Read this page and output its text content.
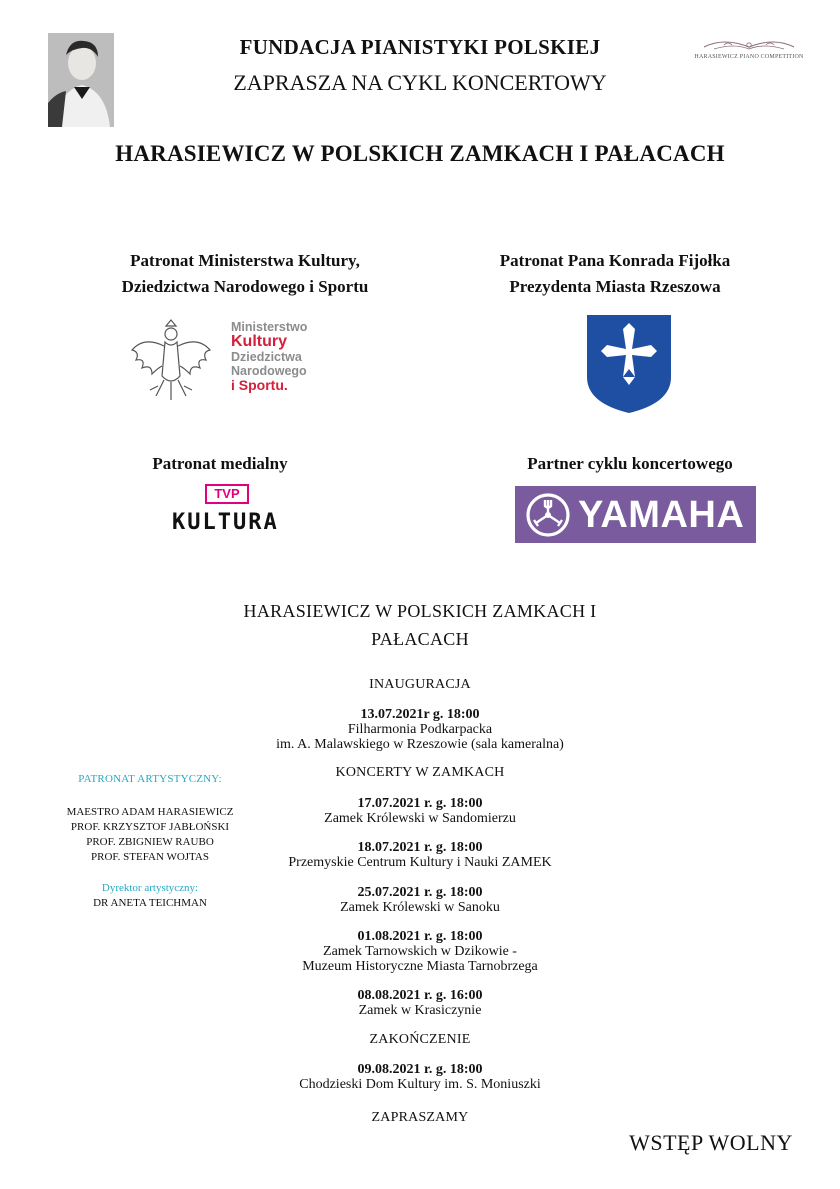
FUNDACJA PIANISTYKI POLSKIEJ
ZAPRASZA NA CYKL KONCERTOWY
HARASIEWICZ PIANO COMPETITION
HARASIEWICZ W POLSKICH ZAMKACH I PAŁACACH
Patronat Ministerstwa Kultury,
Dziedzictwa Narodowego i Sportu
Patronat Pana Konrada Fijołka
Prezydenta Miasta Rzeszowa
Ministerstwo
Kultury
Dziedzictwa
Narodowego
i Sportu.
Patronat medialny	Partner cyklu koncertowego
TVP
KULTURA	YAMAHA
HARASIEWICZ W POLSKICH ZAMKACH I
PAŁACACH
INAUGURACJA
13.07.2021r g. 18:00
Filharmonia Podkarpacka
im. A. Malawskiego w Rzeszowie (sala kameralna)
KONCERTY W ZAMKACH
17.07.2021 r. g. 18:00
Zamek Królewski w Sandomierzu
18.07.2021 r. g. 18:00
Przemyskie Centrum Kultury i Nauki ZAMEK
25.07.2021 r. g. 18:00
Zamek Królewski w Sanoku
01.08.2021 r. g. 18:00
Zamek Tarnowskich w Dzikowie -
Muzeum Historyczne Miasta Tarnobrzega
08.08.2021 r. g. 16:00
Zamek w Krasiczynie
ZAKOŃCZENIE
09.08.2021 r. g. 18:00
Chodzieski Dom Kultury im. S. Moniuszki
ZAPRASZAMY
PATRONAT ARTYSTYCZNY:
MAESTRO ADAM HARASIEWICZ
PROF. KRZYSZTOF JABŁOŃSKI
PROF. ZBIGNIEW RAUBO
PROF. STEFAN WOJTAS
Dyrektor artystyczny:
DR ANETA TEICHMAN
WSTĘP WOLNY
